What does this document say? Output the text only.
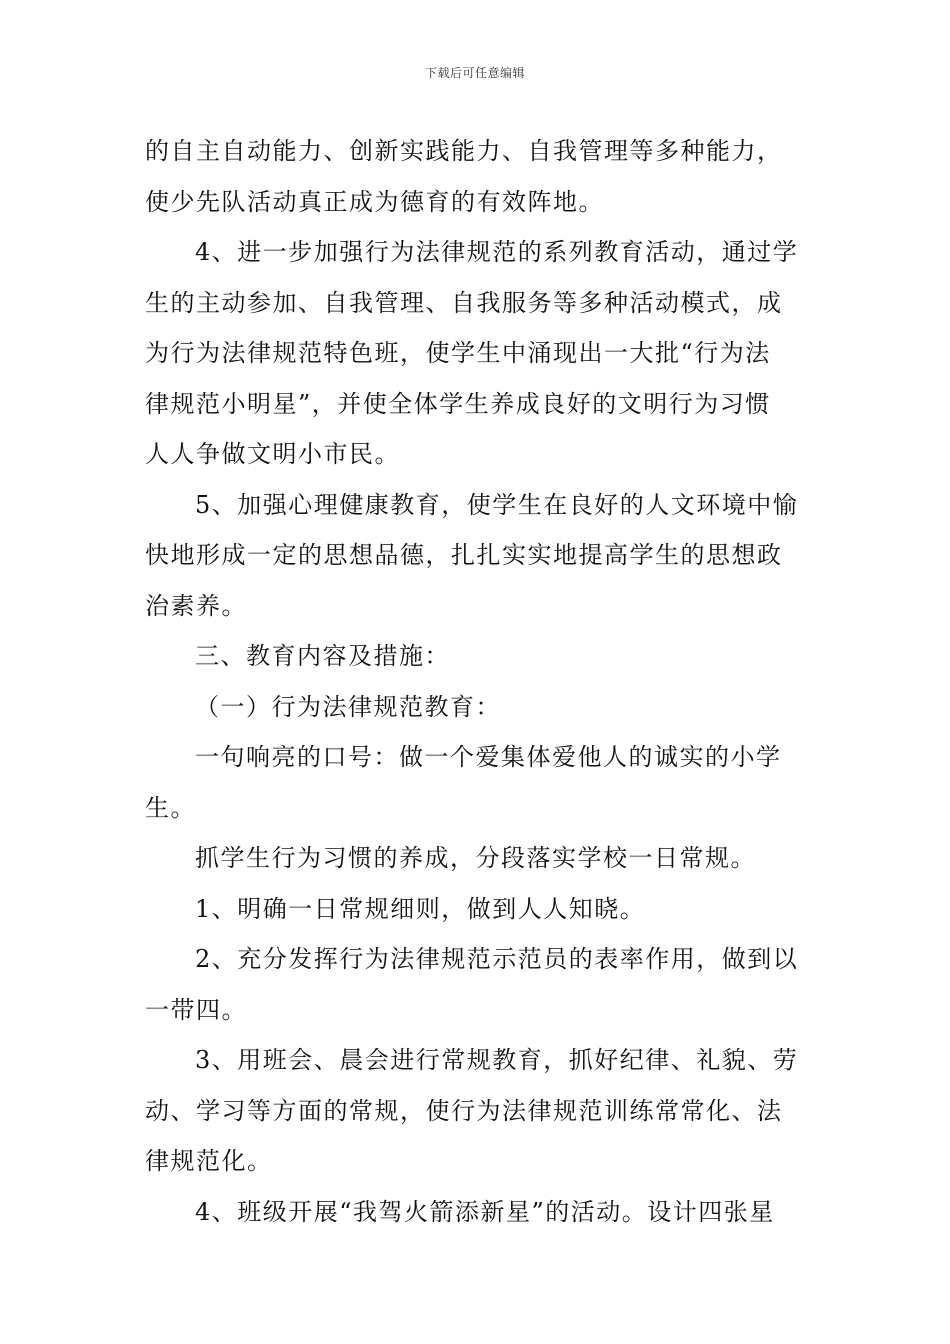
下载后可任意编辑
的自主自动能力、创新实践能力、自我管理等多种能力，
使少先队活动真正成为德育的有效阵地。
4、进一步加强行为法律规范的系列教育活动，通过学
生的主动参加、自我管理、自我服务等多种活动模式，成
为行为法律规范特色班，使学生中涌现出一大批“行为法
律规范小明星”，并使全体学生养成良好的文明行为习惯
人人争做文明小市民。
5、加强心理健康教育，使学生在良好的人文环境中愉
快地形成一定的思想品德，扎扎实实地提高学生的思想政
治素养。
三、教育内容及措施：
（一）行为法律规范教育：
一句响亮的口号：做一个爱集体爱他人的诚实的小学
生。
抓学生行为习惯的养成，分段落实学校一日常规。
1、明确一日常规细则，做到人人知晓。
2、充分发挥行为法律规范示范员的表率作用，做到以
一带四。
3、用班会、晨会进行常规教育，抓好纪律、礼貌、劳
动、学习等方面的常规，使行为法律规范训练常常化、法
律规范化。
4、班级开展“我驾火箭添新星”的活动。设计四张星
